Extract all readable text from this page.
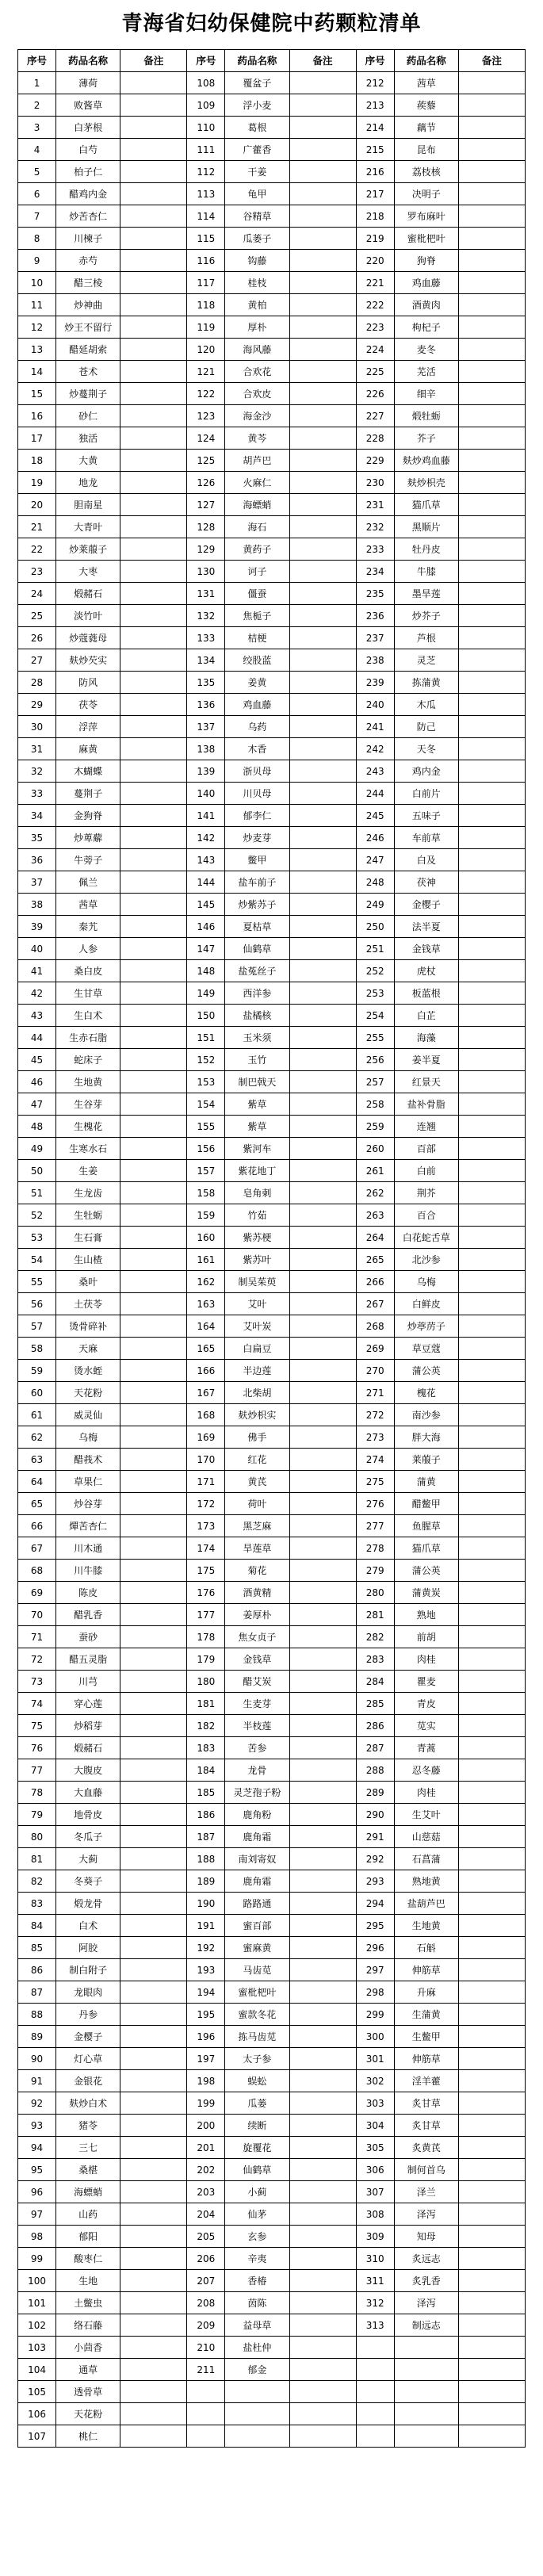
青海省妇幼保健院中药颗粒清单
序号	药品名称	备注	序号	药品名称	备注	序号	药品名称	备注
1	薄荷		108	覆盆子		212	茜草	
2	败酱草		109	浮小麦		213	蒺藜	
3	白茅根		110	葛根		214	藕节	
4	白芍		111	广藿香		215	昆布	
5	柏子仁		112	干姜		216	荔枝核	
6	醋鸡内金		113	龟甲		217	决明子	
7	炒苦杏仁		114	谷精草		218	罗布麻叶	
8	川楝子		115	瓜蒌子		219	蜜枇杷叶	
9	赤芍		116	钩藤		220	狗脊	
10	醋三棱		117	桂枝		221	鸡血藤	
11	炒神曲		118	黄柏		222	酒黄肉	
12	炒王不留行		119	厚朴		223	枸杞子	
13	醋延胡索		120	海风藤		224	麦冬	
14	苍术		121	合欢花		225	芜活	
15	炒蔓荆子		122	合欢皮		226	细辛	
16	砂仁		123	海金沙		227	煅牡蛎	
17	独活		124	黄芩		228	芥子	
18	大黄		125	胡芦巴		229	麸炒鸡血藤	
19	地龙		126	火麻仁		230	麸炒枳壳	
20	胆南星		127	海螵蛸		231	猫爪草	
21	大青叶		128	海石		232	黑顺片	
22	炒莱菔子		129	黄药子		233	牡丹皮	
23	大枣		130	诃子		234	牛膝	
24	煅赭石		131	僵蚕		235	墨旱莲	
25	淡竹叶		132	焦栀子		236	炒芥子	
26	炒蔻蕤母		133	桔梗		237	芦根	
27	麸炒芡实		134	绞股蓝		238	灵芝	
28	防风		135	姜黄		239	拣蒲黄	
29	茯苓		136	鸡血藤		240	木瓜	
30	浮萍		137	乌药		241	防己	
31	麻黄		138	木香		242	天冬	
32	木蝴蝶		139	浙贝母		243	鸡内金	
33	蔓荆子		140	川贝母		244	白前片	
34	金狗脊		141	郁李仁		245	五味子	
35	炒萆薢		142	炒麦芽		246	车前草	
36	牛蒡子		143	鳖甲		247	白及	
37	佩兰		144	盐车前子		248	茯神	
38	茜草		145	炒紫苏子		249	金樱子	
39	秦艽		146	夏枯草		250	法半夏	
40	人参		147	仙鹤草		251	金钱草	
41	桑白皮		148	盐菟丝子		252	虎杖	
42	生甘草		149	西洋参		253	板蓝根	
43	生白术		150	盐橘核		254	白芷	
44	生赤石脂		151	玉米须		255	海藻	
45	蛇床子		152	玉竹		256	姜半夏	
46	生地黄		153	制巴戟天		257	红景天	
47	生谷芽		154	紫草		258	盐补骨脂	
48	生槐花		155	紫草		259	连翘	
49	生寒水石		156	紫河车		260	百部	
50	生姜		157	紫花地丁		261	白前	
51	生龙齿		158	皂角刺		262	荆芥	
52	生牡蛎		159	竹茹		263	百合	
53	生石膏		160	紫苏梗		264	白花蛇舌草	
54	生山楂		161	紫苏叶		265	北沙参	
55	桑叶		162	制吴茱萸		266	乌梅	
56	土茯苓		163	艾叶		267	白鲜皮	
57	烫骨碎补		164	艾叶炭		268	炒葶苈子	
58	天麻		165	白扁豆		269	草豆蔻	
59	烫水蛭		166	半边莲		270	蒲公英	
60	天花粉		167	北柴胡		271	槐花	
61	威灵仙		168	麸炒枳实		272	南沙参	
62	乌梅		169	佛手		273	胖大海	
63	醋莪术		170	红花		274	莱菔子	
64	草果仁		171	黄芪		275	蒲黄	
65	炒谷芽		172	荷叶		276	醋鳖甲	
66	燀苦杏仁		173	黑芝麻		277	鱼腥草	
67	川木通		174	旱莲草		278	猫爪草	
68	川牛膝		175	菊花		279	蒲公英	
69	陈皮		176	酒黄精		280	蒲黄炭	
70	醋乳香		177	姜厚朴		281	熟地	
71	蚕砂		178	焦女贞子		282	前胡	
72	醋五灵脂		179	金钱草		283	肉桂	
73	川芎		180	醋艾炭		284	瞿麦	
74	穿心莲		181	生麦芽		285	青皮	
75	炒稻芽		182	半枝莲		286	苋实	
76	煅赭石		183	苦参		287	青蒿	
77	大腹皮		184	龙骨		288	忍冬藤	
78	大血藤		185	灵芝孢子粉		289	肉桂	
79	地骨皮		186	鹿角粉		290	生艾叶	
80	冬瓜子		187	鹿角霜		291	山慈菇	
81	大蓟		188	南刘寄奴		292	石菖蒲	
82	冬葵子		189	鹿角霜		293	熟地黄	
83	煅龙骨		190	路路通		294	盐葫芦巴	
84	白术		191	蜜百部		295	生地黄	
85	阿胶		192	蜜麻黄		296	石斛	
86	制白附子		193	马齿苋		297	伸筋草	
87	龙眼肉		194	蜜枇杷叶		298	升麻	
88	丹参		195	蜜款冬花		299	生蒲黄	
89	金樱子		196	拣马齿苋		300	生鳖甲	
90	灯心草		197	太子参		301	伸筋草	
91	金银花		198	蜈蚣		302	淫羊藿	
92	麸炒白术		199	瓜蒌		303	炙甘草	
93	猪苓		200	续断		304	炙甘草	
94	三七		201	旋覆花		305	炙黄芪	
95	桑椹		202	仙鹤草		306	制何首乌	
96	海螵蛸		203	小蓟		307	泽兰	
97	山药		204	仙茅		308	泽泻	
98	郁阳		205	玄参		309	知母	
99	酸枣仁		206	辛夷		310	炙远志	
100	生地		207	香椿		311	炙乳香	
101	土鳖虫		208	茵陈		312	泽泻	
102	络石藤		209	益母草		313	制远志	
103	小茴香		210	盐杜仲				
104	通草		211	郁金				
105	透骨草							
106	天花粉							
107	桃仁							
